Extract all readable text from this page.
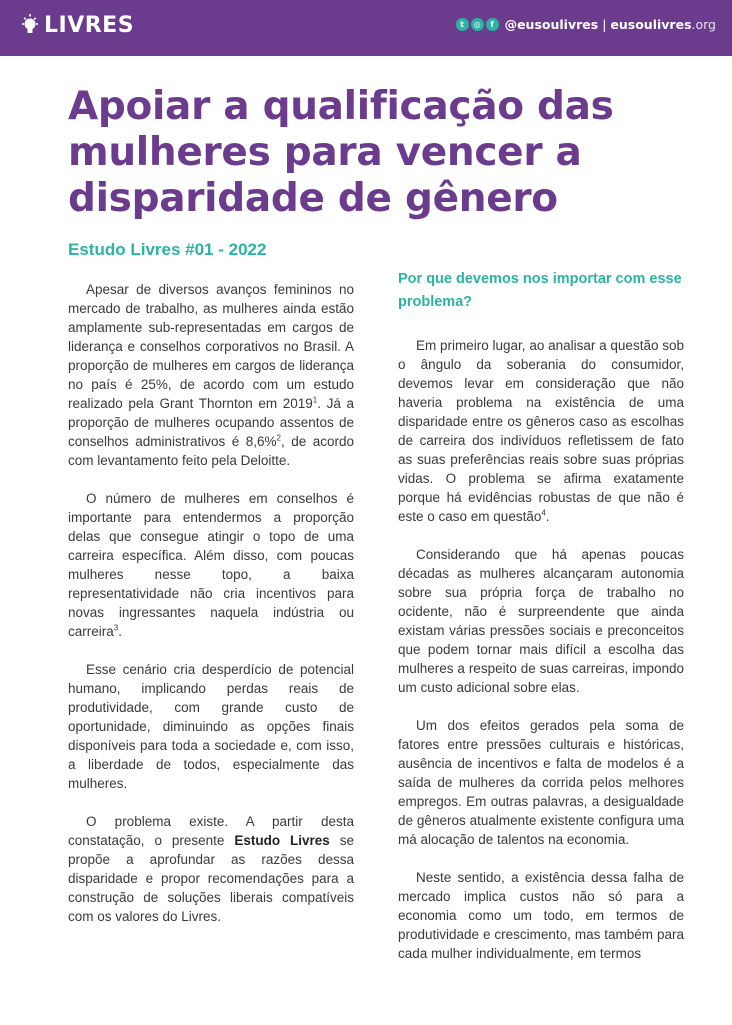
LIVRES	t	◎	f @eusoulivres | eusoulivres.org
Apoiar a qualificação das mulheres para vencer a disparidade de gênero
Estudo Livres #01 - 2022

Apesar de diversos avanços femininos no mercado de trabalho, as mulheres ainda estão amplamente sub-representadas em cargos de liderança e conselhos corporativos no Brasil. A proporção de mulheres em cargos de liderança no país é 25%, de acordo com um estudo realizado pela Grant Thornton em 2019$^1$. Já a proporção de mulheres ocupando assentos de conselhos administrativos é 8,6%$^2$, de acordo com levantamento feito pela Deloitte.

O número de mulheres em conselhos é importante para entendermos a proporção delas que consegue atingir o topo de uma carreira específica. Além disso, com poucas mulheres nesse topo, a baixa representatividade não cria incentivos para novas ingressantes naquela indústria ou carreira$^3$.

Esse cenário cria desperdício de potencial humano, implicando perdas reais de produtividade, com grande custo de oportunidade, diminuindo as opções finais disponíveis para toda a sociedade e, com isso, a liberdade de todos, especialmente das mulheres.

O problema existe. A partir desta constatação, o presente Estudo Livres se propõe a aprofundar as razões dessa disparidade e propor recomendações para a construção de soluções liberais compatíveis com os valores do Livres.

Por que devemos nos importar com esse problema?

Em primeiro lugar, ao analisar a questão sob o ângulo da soberania do consumidor, devemos levar em consideração que não haveria problema na existência de uma disparidade entre os gêneros caso as escolhas de carreira dos indivíduos refletissem de fato as suas preferências reais sobre suas próprias vidas. O problema se afirma exatamente porque há evidências robustas de que não é este o caso em questão$^4$.

Considerando que há apenas poucas décadas as mulheres alcançaram autonomia sobre sua própria força de trabalho no ocidente, não é surpreendente que ainda existam várias pressões sociais e preconceitos que podem tornar mais difícil a escolha das mulheres a respeito de suas carreiras, impondo um custo adicional sobre elas.

Um dos efeitos gerados pela soma de fatores entre pressões culturais e históricas, ausência de incentivos e falta de modelos é a saída de mulheres da corrida pelos melhores empregos. Em outras palavras, a desigualdade de gêneros atualmente existente configura uma má alocação de talentos na economia.

Neste sentido, a existência dessa falha de mercado implica custos não só para a economia como um todo, em termos de produtividade e crescimento, mas também para cada mulher individualmente, em termos
